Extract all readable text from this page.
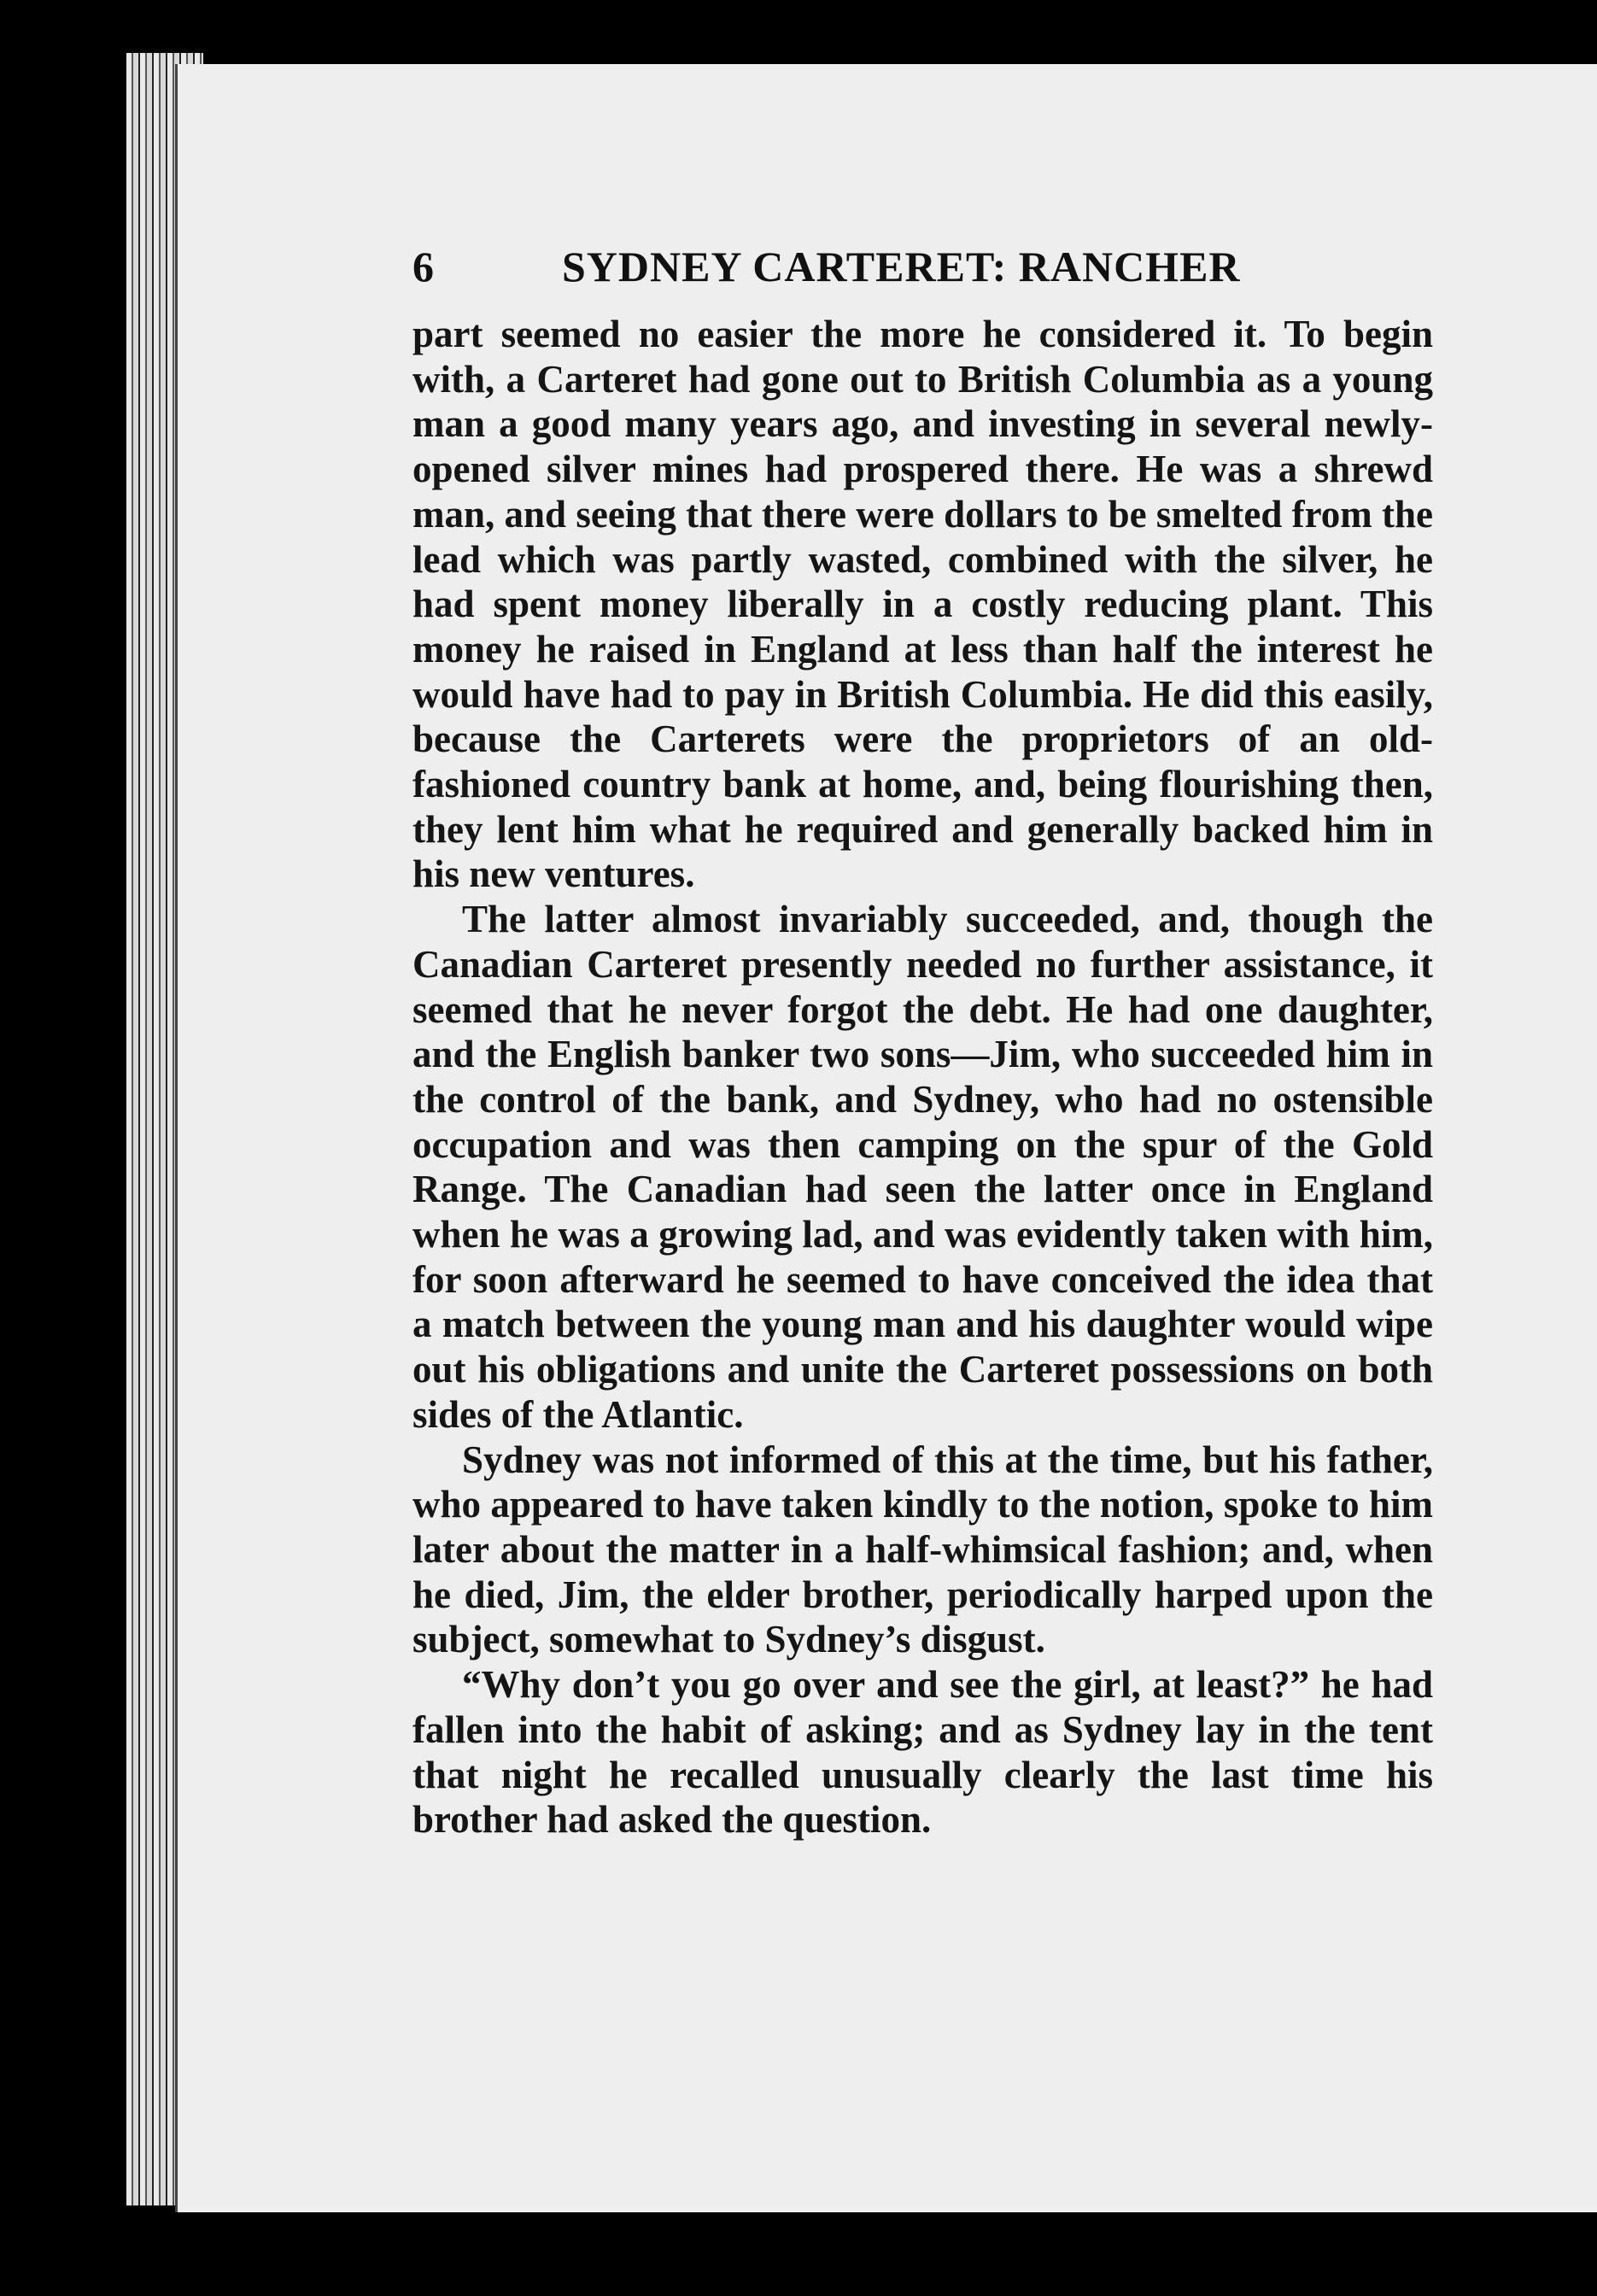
6	SYDNEY CARTERET: RANCHER

part seemed no easier the more he considered it. To begin with, a Carteret had gone out to British Columbia as a young man a good many years ago, and investing in several newly-opened silver mines had prospered there. He was a shrewd man, and seeing that there were dollars to be smelted from the lead which was partly wasted, combined with the silver, he had spent money liberally in a costly reducing plant. This money he raised in England at less than half the interest he would have had to pay in British Columbia. He did this easily, because the Carterets were the proprietors of an old-fashioned country bank at home, and, being flourishing then, they lent him what he required and generally backed him in his new ventures.

The latter almost invariably succeeded, and, though the Canadian Carteret presently needed no further assistance, it seemed that he never forgot the debt. He had one daughter, and the English banker two sons—Jim, who succeeded him in the control of the bank, and Sydney, who had no ostensible occupation and was then camping on the spur of the Gold Range. The Canadian had seen the latter once in England when he was a growing lad, and was evidently taken with him, for soon afterward he seemed to have conceived the idea that a match between the young man and his daughter would wipe out his obligations and unite the Carteret possessions on both sides of the Atlantic.

Sydney was not informed of this at the time, but his father, who appeared to have taken kindly to the notion, spoke to him later about the matter in a half-whimsical fashion; and, when he died, Jim, the elder brother, periodically harped upon the subject, somewhat to Sydney’s disgust.

“Why don’t you go over and see the girl, at least?” he had fallen into the habit of asking; and as Sydney lay in the tent that night he recalled unusually clearly the last time his brother had asked the question.
